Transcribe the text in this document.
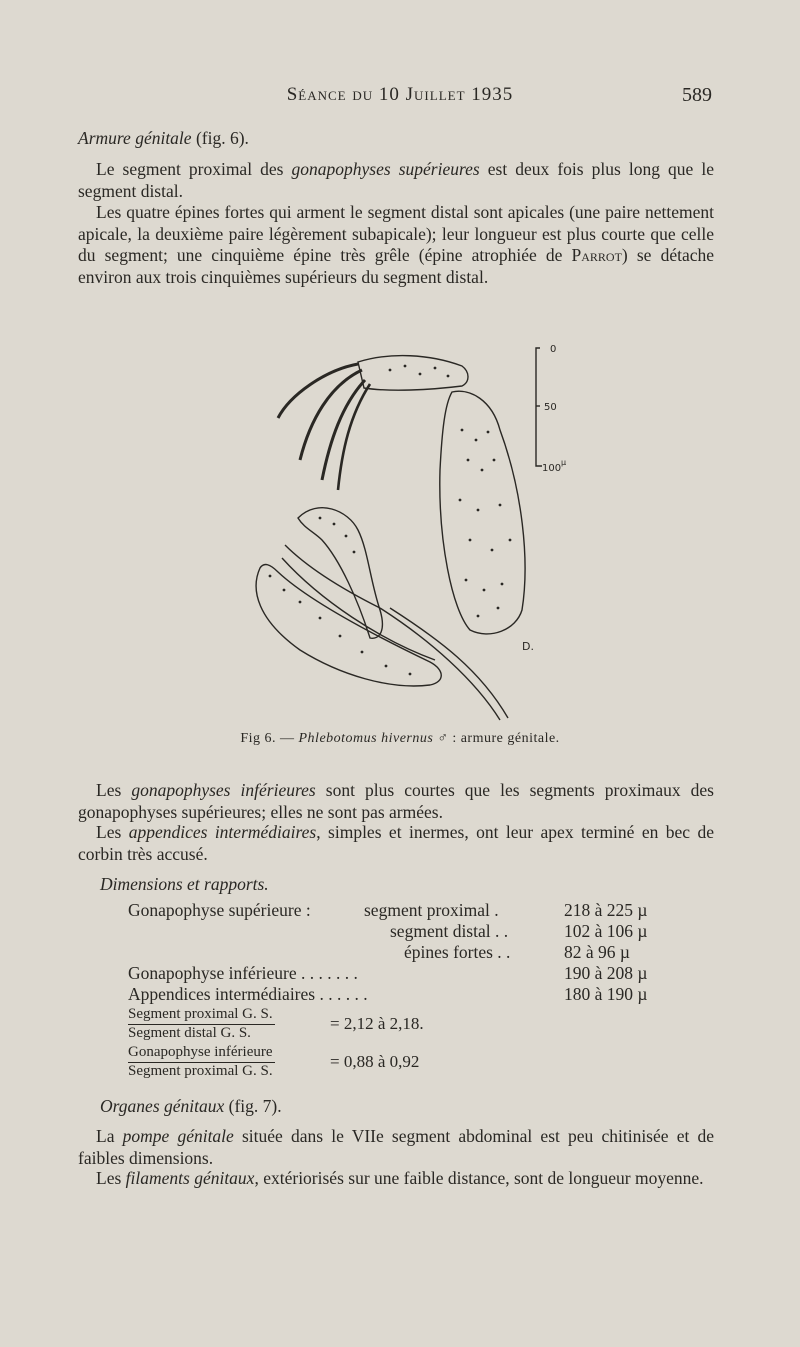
Séance du 10 Juillet 1935	589
Armure génitale (fig. 6).
Le segment proximal des gonapophyses supérieures est deux fois plus long que le segment distal.
Les quatre épines fortes qui arment le segment distal sont apicales (une paire nettement apicale, la deuxième paire légèrement subapicale); leur longueur est plus courte que celle du segment; une cinquième épine très grêle (épine atrophiée de Parrot) se détache environ aux trois cinquièmes supérieurs du segment distal.
0
50
100
µ
D.
Fig 6. — Phlebotomus hivernus ♂ : armure génitale.
Les gonapophyses inférieures sont plus courtes que les segments proximaux des gonapophyses supérieures; elles ne sont pas armées.
Les appendices intermédiaires, simples et inermes, ont leur apex terminé en bec de corbin très accusé.
Dimensions et rapports.
Gonapophyse supérieure :	segment proximal .	218 à 225 µ
segment distal . .	102 à 106 µ
épines fortes . .	82 à 96 µ
Gonapophyse inférieure . . . . . . .	190 à 208 µ
Appendices intermédiaires . . . . . .	180 à 190 µ
Segment proximal G. S.
Segment distal G. S.	= 2,12 à 2,18.
Gonapophyse inférieure
Segment proximal G. S.	= 0,88 à 0,92
Organes génitaux (fig. 7).
La pompe génitale située dans le VIIe segment abdominal est peu chitinisée et de faibles dimensions.
Les filaments génitaux, extériorisés sur une faible distance, sont de longueur moyenne.
